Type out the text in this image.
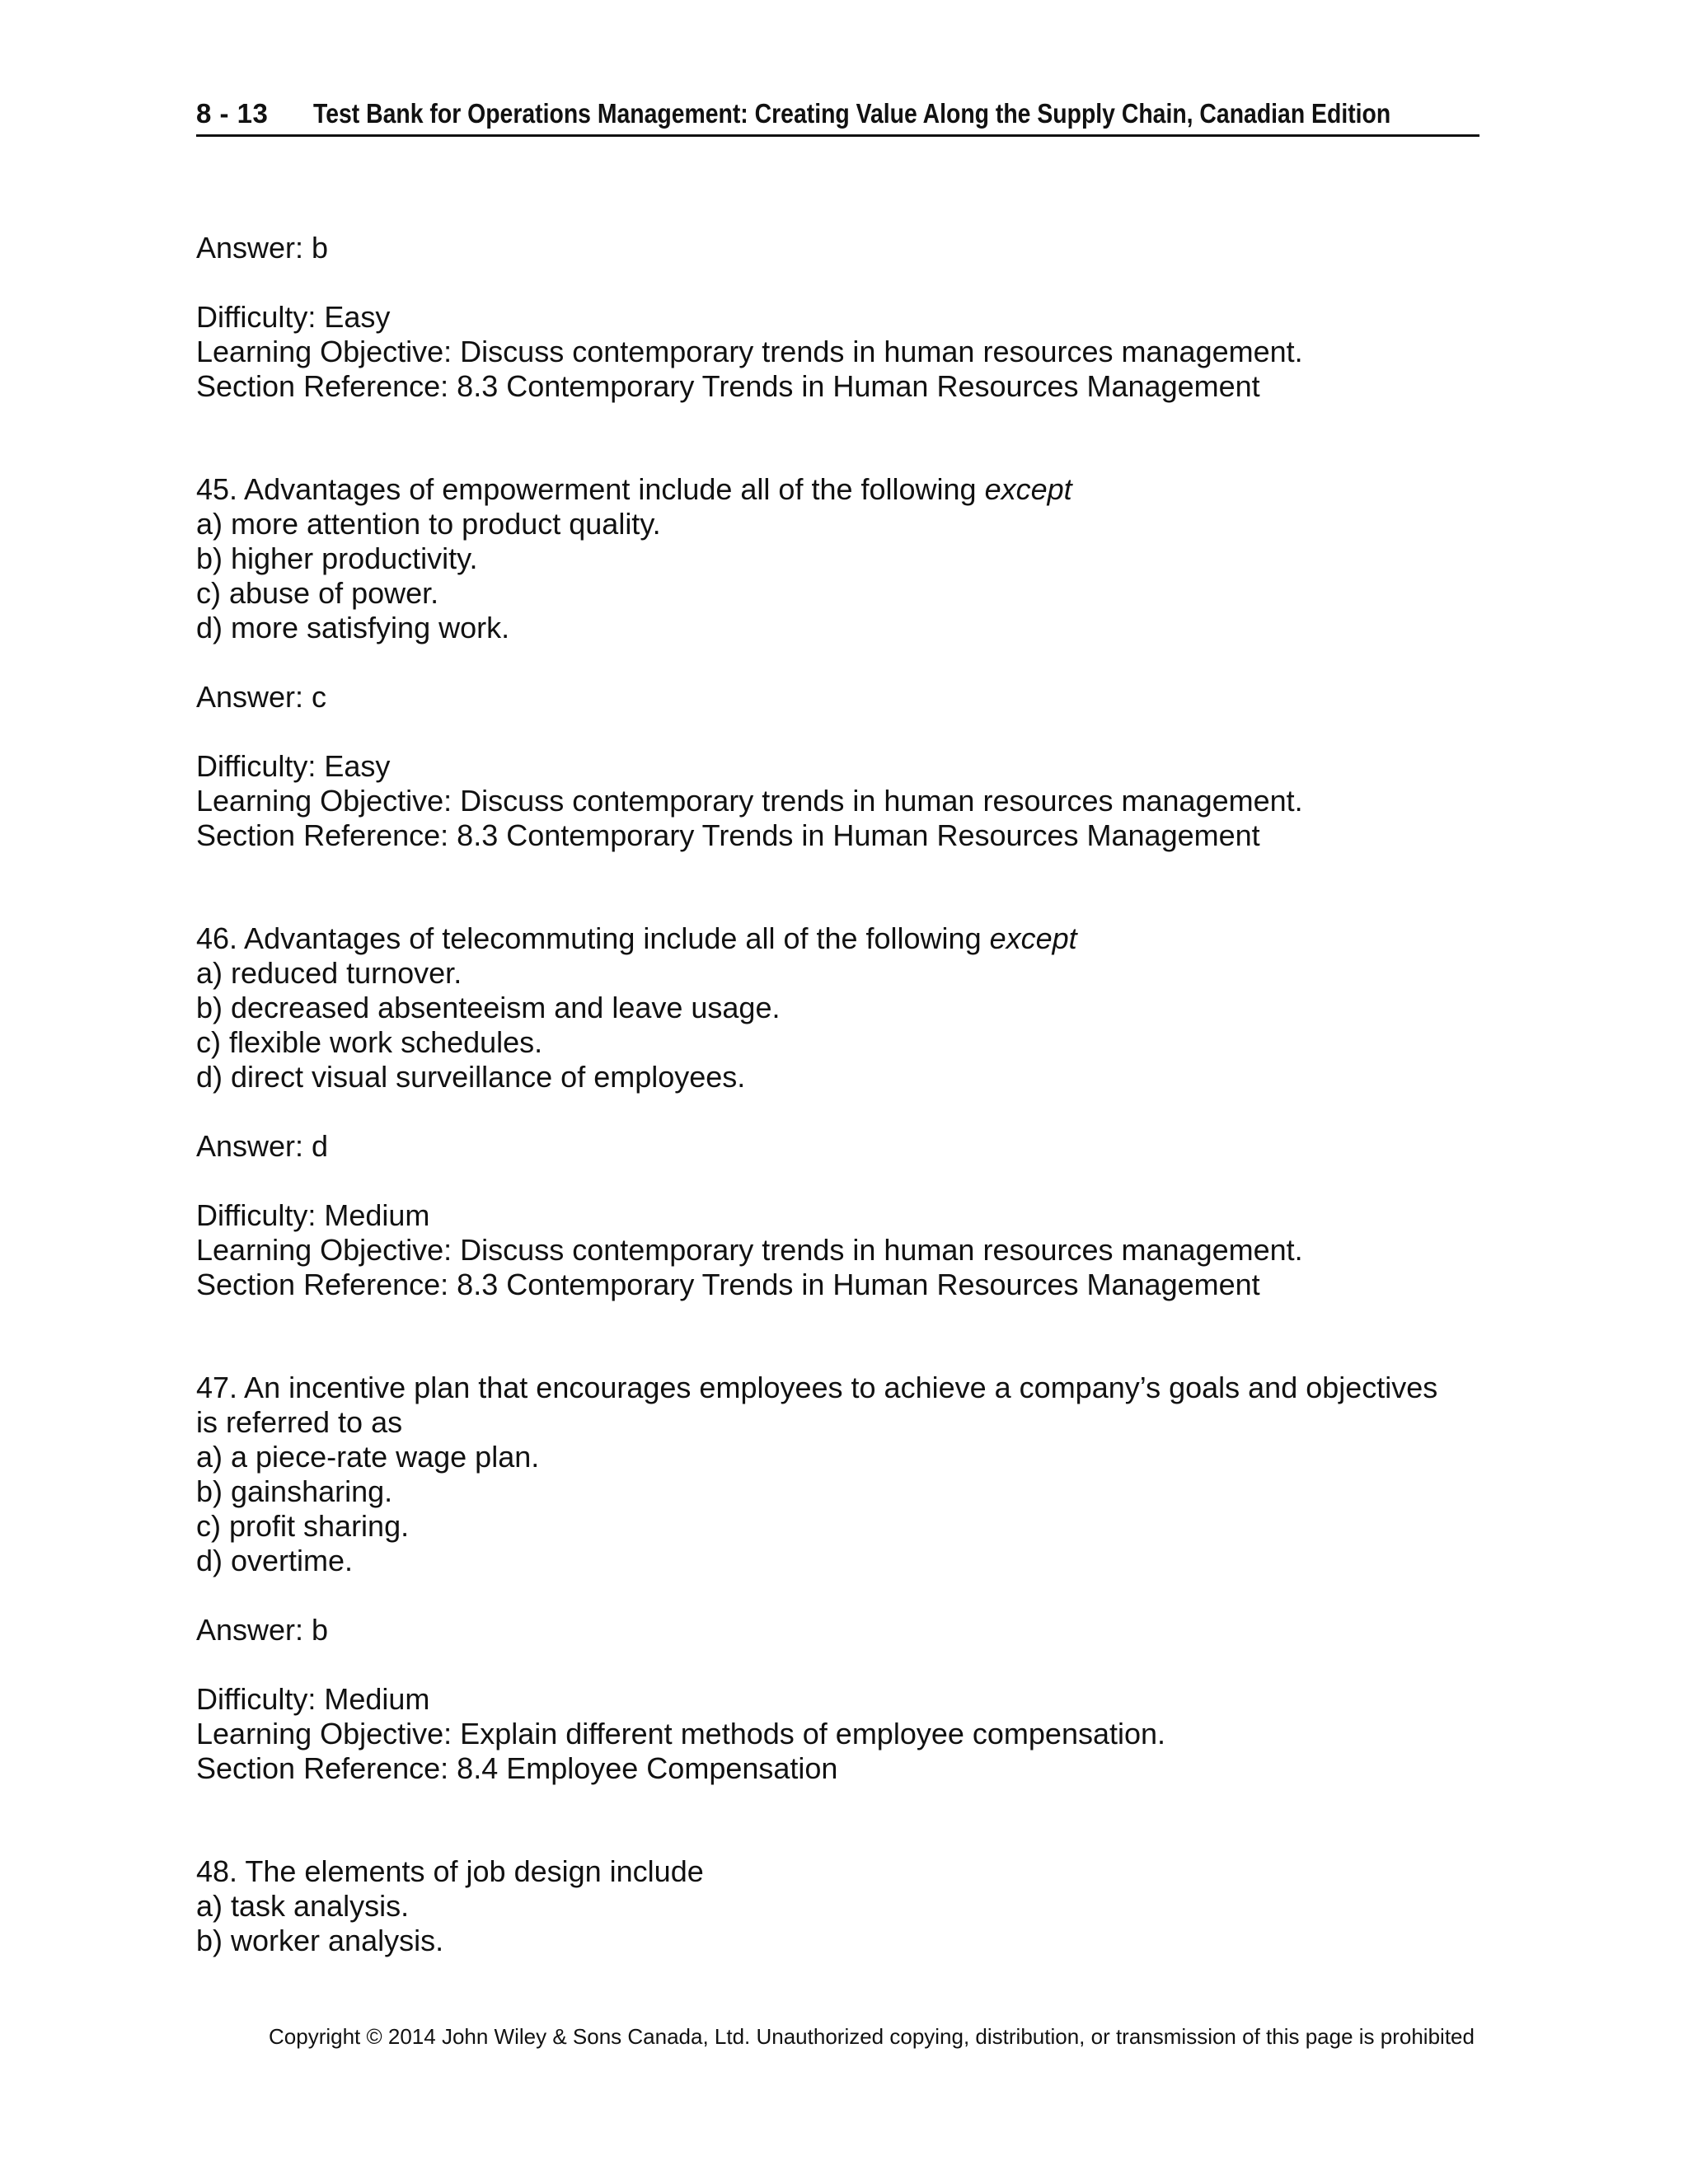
8 - 13 Test Bank for Operations Management: Creating Value Along the Supply Chain, Canadian Edition
Answer: b
Difficulty: Easy
Learning Objective: Discuss contemporary trends in human resources management.
Section Reference: 8.3 Contemporary Trends in Human Resources Management
45. Advantages of empowerment include all of the following except
a) more attention to product quality.
b) higher productivity.
c) abuse of power.
d) more satisfying work.
Answer: c
Difficulty: Easy
Learning Objective: Discuss contemporary trends in human resources management.
Section Reference: 8.3 Contemporary Trends in Human Resources Management
46. Advantages of telecommuting include all of the following except
a) reduced turnover.
b) decreased absenteeism and leave usage.
c) flexible work schedules.
d) direct visual surveillance of employees.
Answer: d
Difficulty: Medium
Learning Objective: Discuss contemporary trends in human resources management.
Section Reference: 8.3 Contemporary Trends in Human Resources Management
47. An incentive plan that encourages employees to achieve a company’s goals and objectives
is referred to as
a) a piece-rate wage plan.
b) gainsharing.
c) profit sharing.
d) overtime.
Answer: b
Difficulty: Medium
Learning Objective: Explain different methods of employee compensation.
Section Reference: 8.4 Employee Compensation
48. The elements of job design include
a) task analysis.
b) worker analysis.
Copyright © 2014 John Wiley & Sons Canada, Ltd. Unauthorized copying, distribution, or transmission of this page is prohibited
